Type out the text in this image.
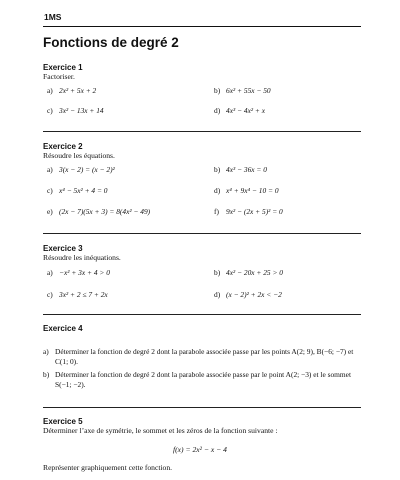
1MS
Fonctions de degré 2
Exercice 1
Factoriser.
a) 2x² + 5x + 2	b) 6x² + 55x − 50
c) 3x² − 13x + 14	d) 4x³ − 4x² + x
Exercice 2
Résoudre les équations.
a) 3(x − 2) = (x − 2)²	b) 4x³ − 36x = 0
c) x⁴ − 5x² + 4 = 0	d) x⁴ + 9x⁴ − 10 = 0
e) (2x − 7)(5x + 3) = 8(4x² − 49)	f) 9x² − (2x + 5)² = 0
Exercice 3
Résoudre les inéquations.
a) −x² + 3x + 4 > 0	b) 4x² − 20x + 25 > 0
c) 3x² + 2 ≤ 7 + 2x	d) (x − 2)² + 2x < −2
Exercice 4
a) Déterminer la fonction de degré 2 dont la parabole associée passe par les points A(2; 9), B(−6; −7) et C(1; 0).
b) Déterminer la fonction de degré 2 dont la parabole associée passe par le point A(2; −3) et le sommet S(−1; −2).
Exercice 5
Déterminer l’axe de symétrie, le sommet et les zéros de la fonction suivante :
f(x) = 2x² − x − 4
Représenter graphiquement cette fonction.
